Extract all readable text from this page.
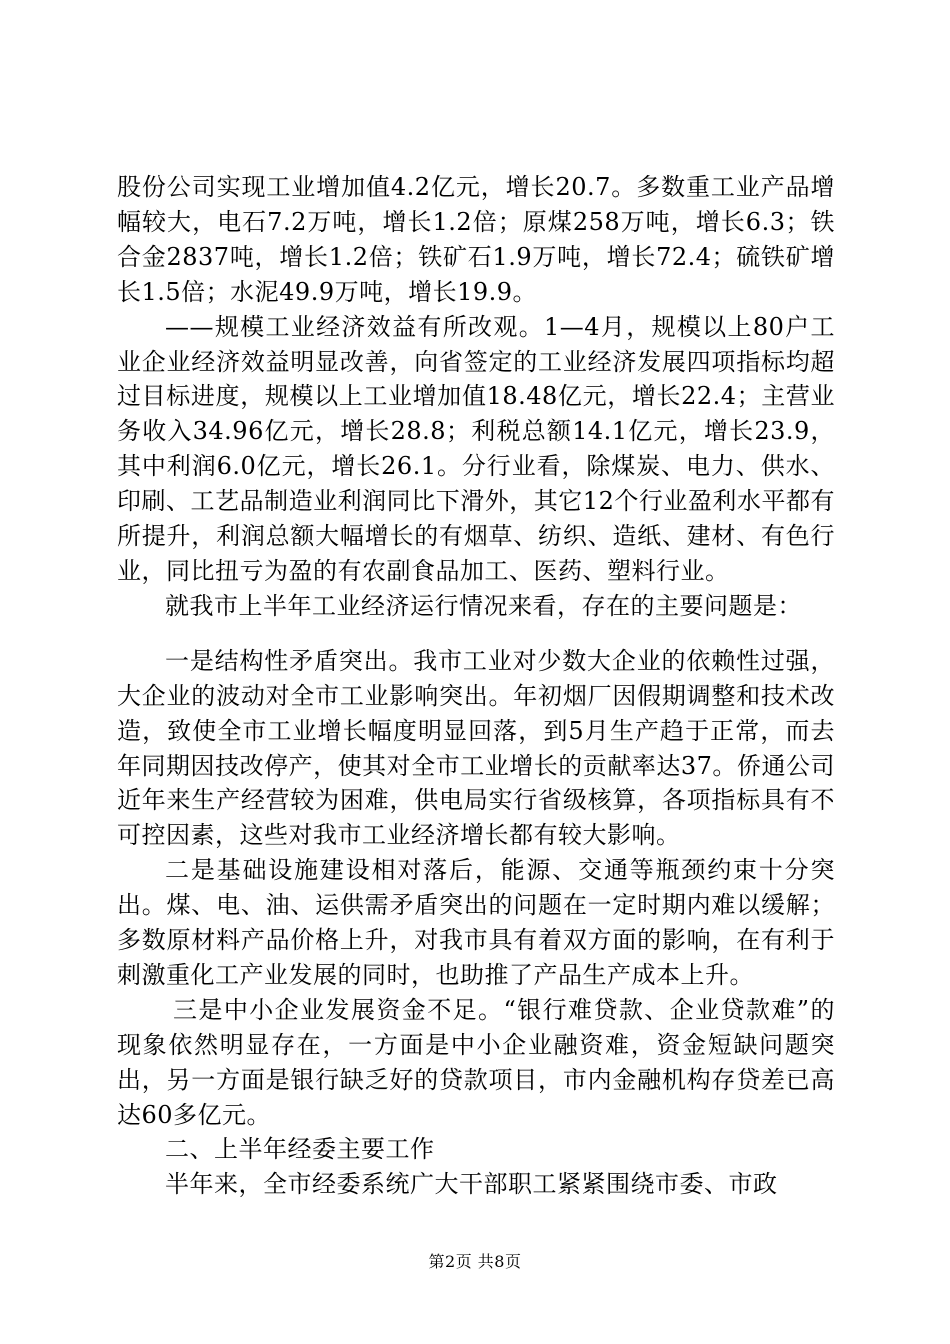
股份公司实现工业增加值4.2亿元，增长20.7。多数重工业产品增幅较大，电石7.2万吨，增长1.2倍；原煤258万吨，增长6.3；铁合金2837吨，增长1.2倍；铁矿石1.9万吨，增长72.4；硫铁矿增长1.5倍；水泥49.9万吨，增长19.9。

——规模工业经济效益有所改观。1—4月，规模以上80户工业企业经济效益明显改善，向省签定的工业经济发展四项指标均超过目标进度，规模以上工业增加值18.48亿元，增长22.4；主营业务收入34.96亿元，增长28.8；利税总额14.1亿元，增长23.9，其中利润6.0亿元，增长26.1。分行业看，除煤炭、电力、供水、印刷、工艺品制造业利润同比下滑外，其它12个行业盈利水平都有所提升，利润总额大幅增长的有烟草、纺织、造纸、建材、有色行业，同比扭亏为盈的有农副食品加工、医药、塑料行业。

就我市上半年工业经济运行情况来看，存在的主要问题是：

一是结构性矛盾突出。我市工业对少数大企业的依赖性过强，大企业的波动对全市工业影响突出。年初烟厂因假期调整和技术改造，致使全市工业增长幅度明显回落，到5月生产趋于正常，而去年同期因技改停产，使其对全市工业增长的贡献率达37。侨通公司近年来生产经营较为困难，供电局实行省级核算，各项指标具有不可控因素，这些对我市工业经济增长都有较大影响。

二是基础设施建设相对落后，能源、交通等瓶颈约束十分突出。煤、电、油、运供需矛盾突出的问题在一定时期内难以缓解；多数原材料产品价格上升，对我市具有着双方面的影响，在有利于刺激重化工产业发展的同时，也助推了产品生产成本上升。

三是中小企业发展资金不足。“银行难贷款、企业贷款难”的现象依然明显存在，一方面是中小企业融资难，资金短缺问题突出，另一方面是银行缺乏好的贷款项目，市内金融机构存贷差已高达60多亿元。

二、上半年经委主要工作

半年来，全市经委系统广大干部职工紧紧围绕市委、市政

第2页 共8页
